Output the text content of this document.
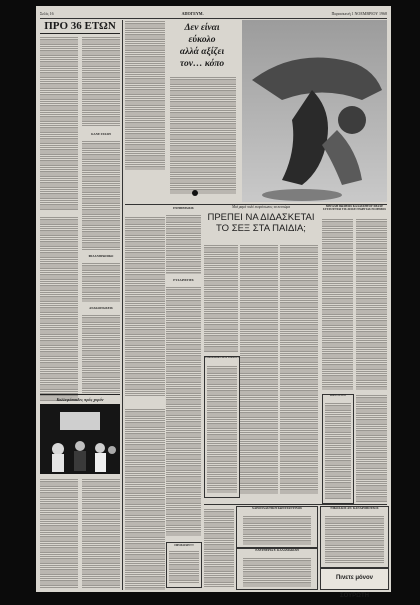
Σελίς 16	ΑΠΟΓΕΥΜ.	Παρασκευή 1 ΝΟΕΜΒΡΙΟΥ 1968
ΠΡΟ 36 ΕΤΩΝ
ΚΑΝΕ ΣΤΑΣΗ
ΦΙΛΑΝΘΡΩΠΙΚΟ
ΑΝΑΚΟΙΝΩΣΕΙΣ
Κολλεγιόπαιδες πρός χορόν
Δεν είναι
εύκολο
αλλά αξίζει
τον… κόπο
ΕΝΗΜΕΡΩΣΙΣ
ΕΥΧΑΡΙΣΤΙΕΣ
ΠΡΟΣΟΧΗ!!!!
Μιά μαμά πολύ εκπρόσωπος τα πεπτώμα
ΠΡΕΠΕΙ ΝΑ ΔΙΔΑΣΚΕΤΑΙ
ΤΟ ΣΕΞ ΣΤΑ ΠΑΙΔΙΑ;
ΡΑΔΙΟΦΩΝΙΚΑ ΠΡΟΓΡΑΜΜΑΤΑ
ΜΗΡΙΑ ΑΣΤΕΙΑ
ΜΕΓΑΛΗ ΠΩΛΗΣΙΣ ΚΑΛΑΣΣΗΤΟΥ ΙΜΑΧΕ
ΣΥΣΤΟΥΝΤΑΙ ΤΙΣ ΛΙΣΣΕ ΓΕΩΡΓΙΑΣ Η ΟΡΙΜΟΣ
ΧΑΡΟΠΛΑΣΤΙΚΗ ΚΩΝΣΤΑΝΤΙΝΟΣ
ΕΛΕΥΘΕΡΙΑ Ε. ΚΑΛΑΜΑΚΙΔΗ
ΝΙΚΟΛΑΟΣ ΑΝ. ΚΑΝΑΡΟΠΟΥΛΟΣ
Πινετε μόνον ΣΟΥΡΩΤΗ
